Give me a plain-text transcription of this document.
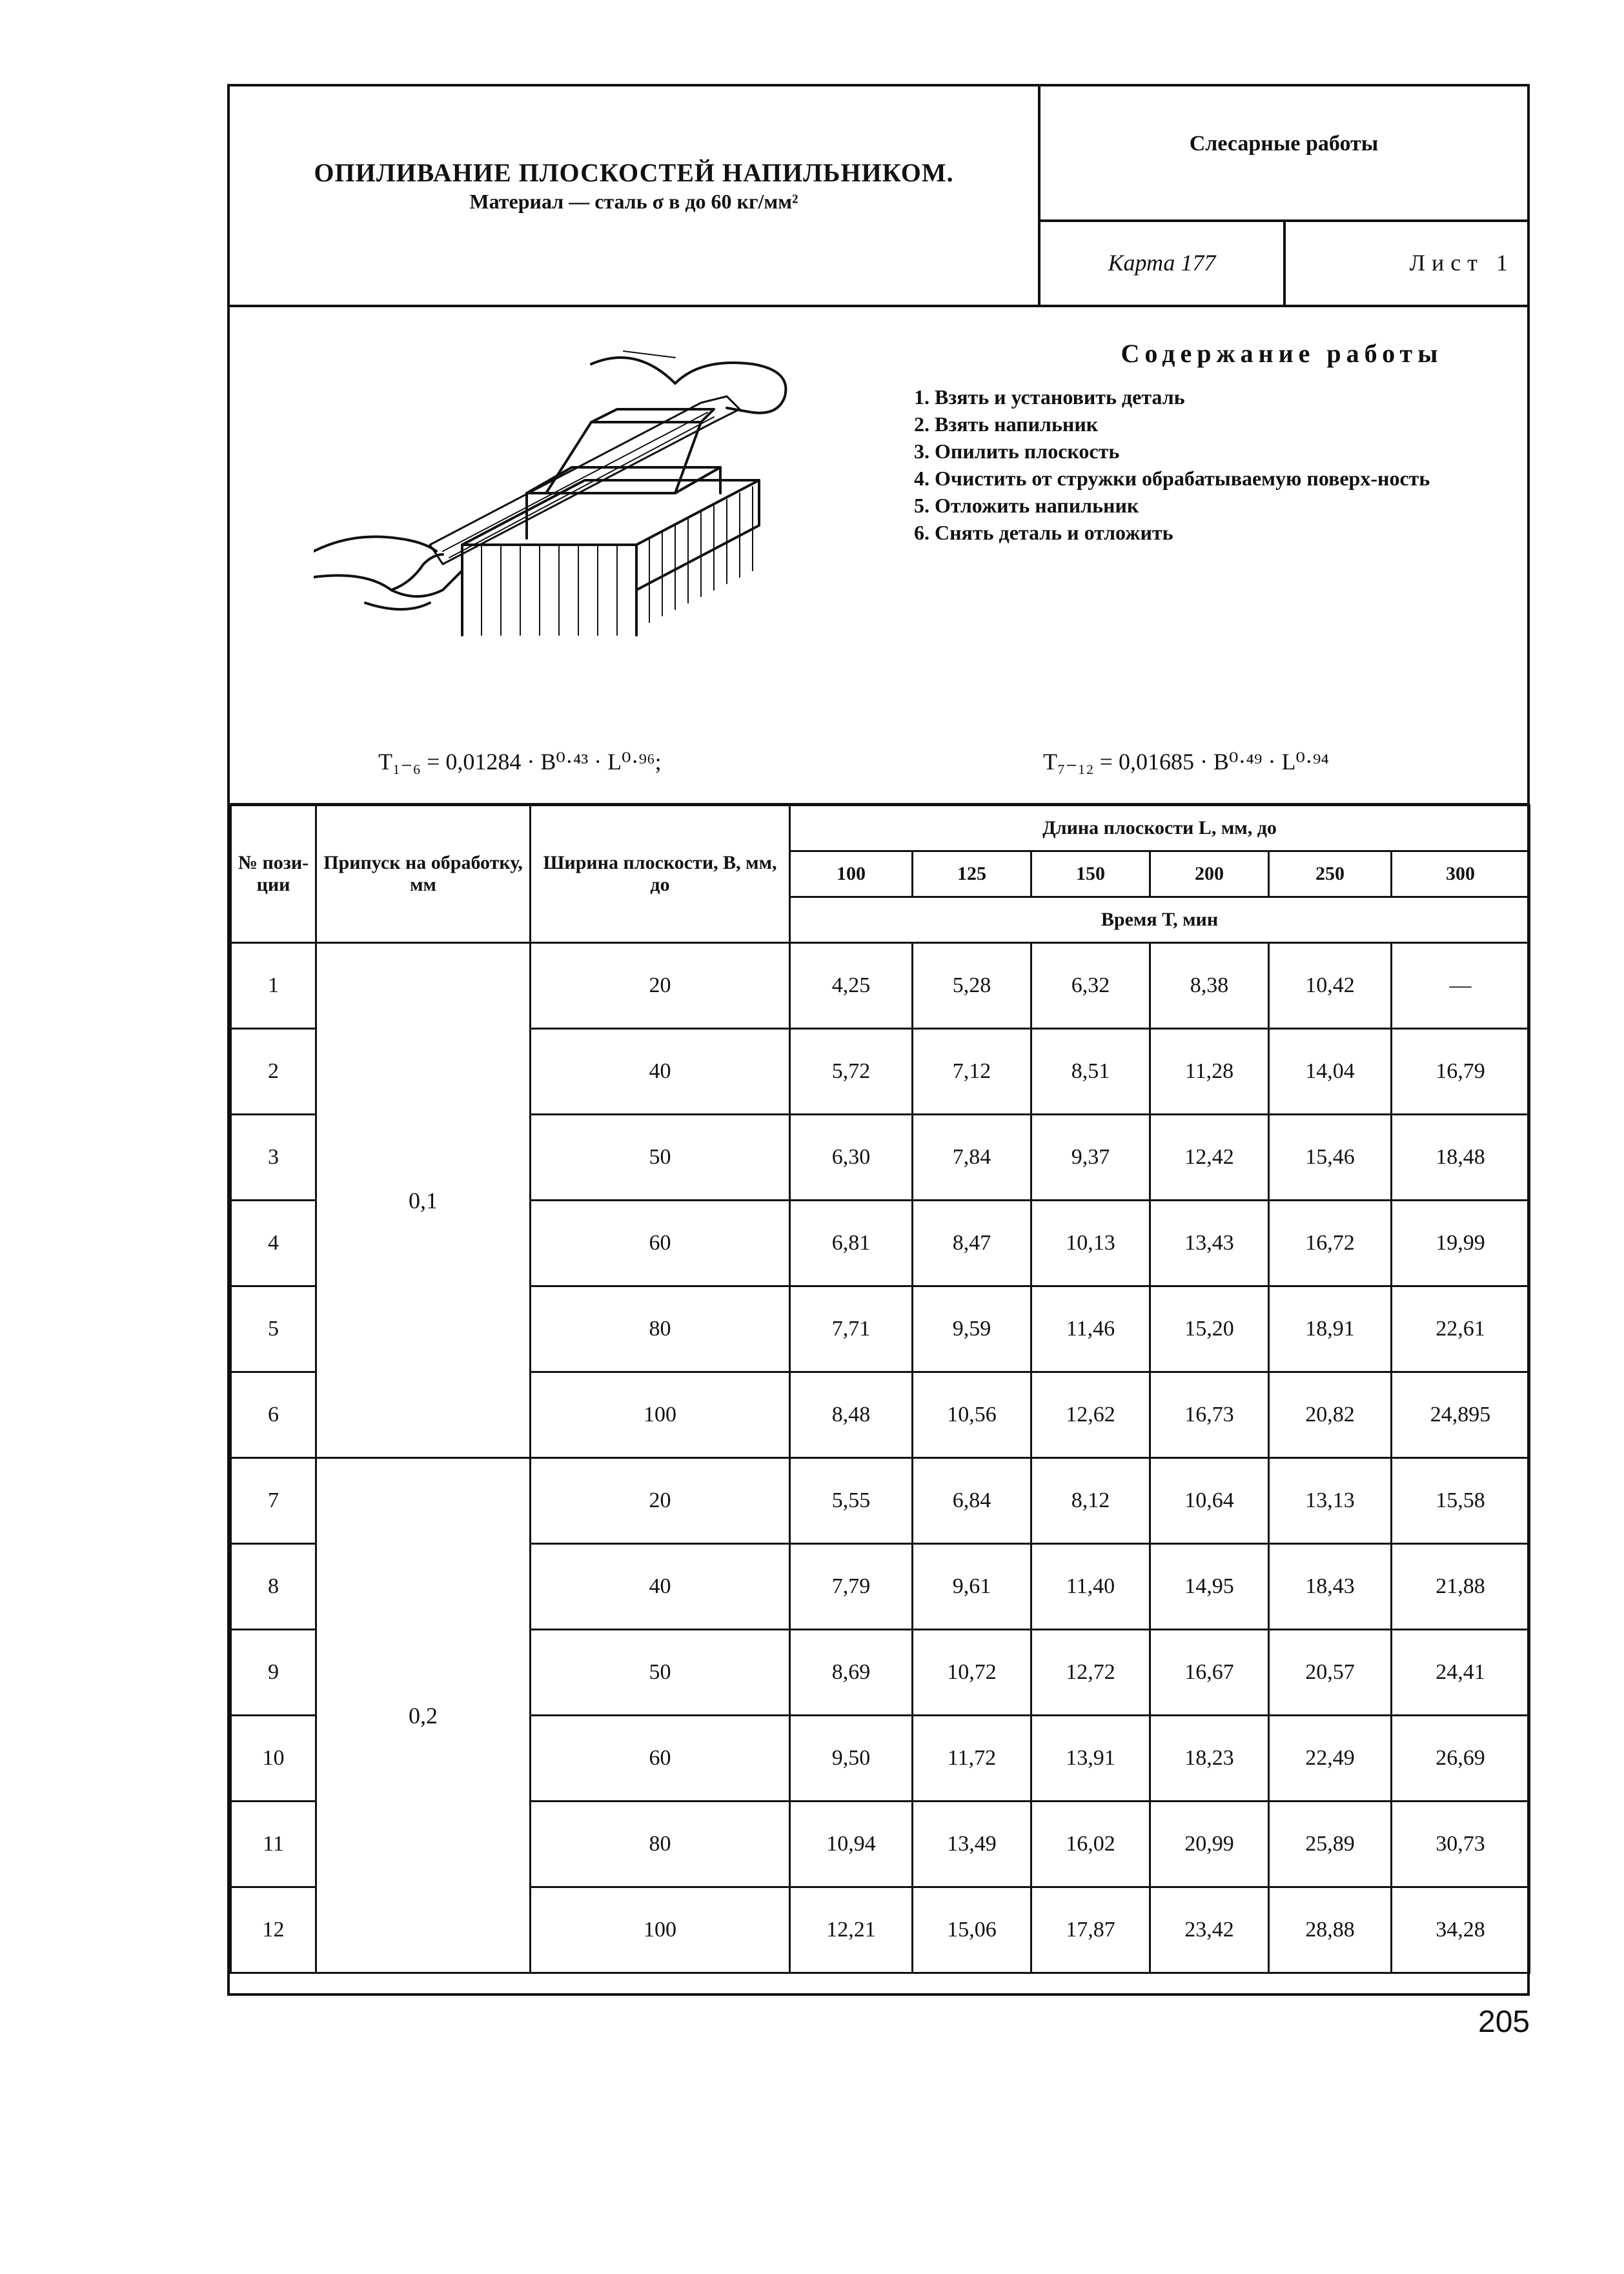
ОПИЛИВАНИЕ ПЛОСКОСТЕЙ НАПИЛЬНИКОМ.
Материал — сталь σ в до 60 кг/мм²
Слесарные работы
Карта 177	Лист 1
Содержание работы
1. Взять и установить деталь
2. Взять напильник
3. Опилить плоскость
4. Очистить от стружки обрабатываемую поверх-ность
5. Отложить напильник
6. Снять деталь и отложить
T₁₋₆ = 0,01284 · B⁰·⁴³ · L⁰·⁹⁶;	T₇₋₁₂ = 0,01685 · B⁰·⁴⁹ · L⁰·⁹⁴
№ пози-ции	Припуск на обработку, мм	Ширина плоскости, В, мм, до	Длина плоскости L, мм, до					
			100	125	150	200	250	300
			Время Т, мин					
1	0,1	20	4,25	5,28	6,32	8,38	10,42	—
2		40	5,72	7,12	8,51	11,28	14,04	16,79
3		50	6,30	7,84	9,37	12,42	15,46	18,48
4		60	6,81	8,47	10,13	13,43	16,72	19,99
5		80	7,71	9,59	11,46	15,20	18,91	22,61
6		100	8,48	10,56	12,62	16,73	20,82	24,895
7	0,2	20	5,55	6,84	8,12	10,64	13,13	15,58
8		40	7,79	9,61	11,40	14,95	18,43	21,88
9		50	8,69	10,72	12,72	16,67	20,57	24,41
10		60	9,50	11,72	13,91	18,23	22,49	26,69
11		80	10,94	13,49	16,02	20,99	25,89	30,73
12		100	12,21	15,06	17,87	23,42	28,88	34,28
205
